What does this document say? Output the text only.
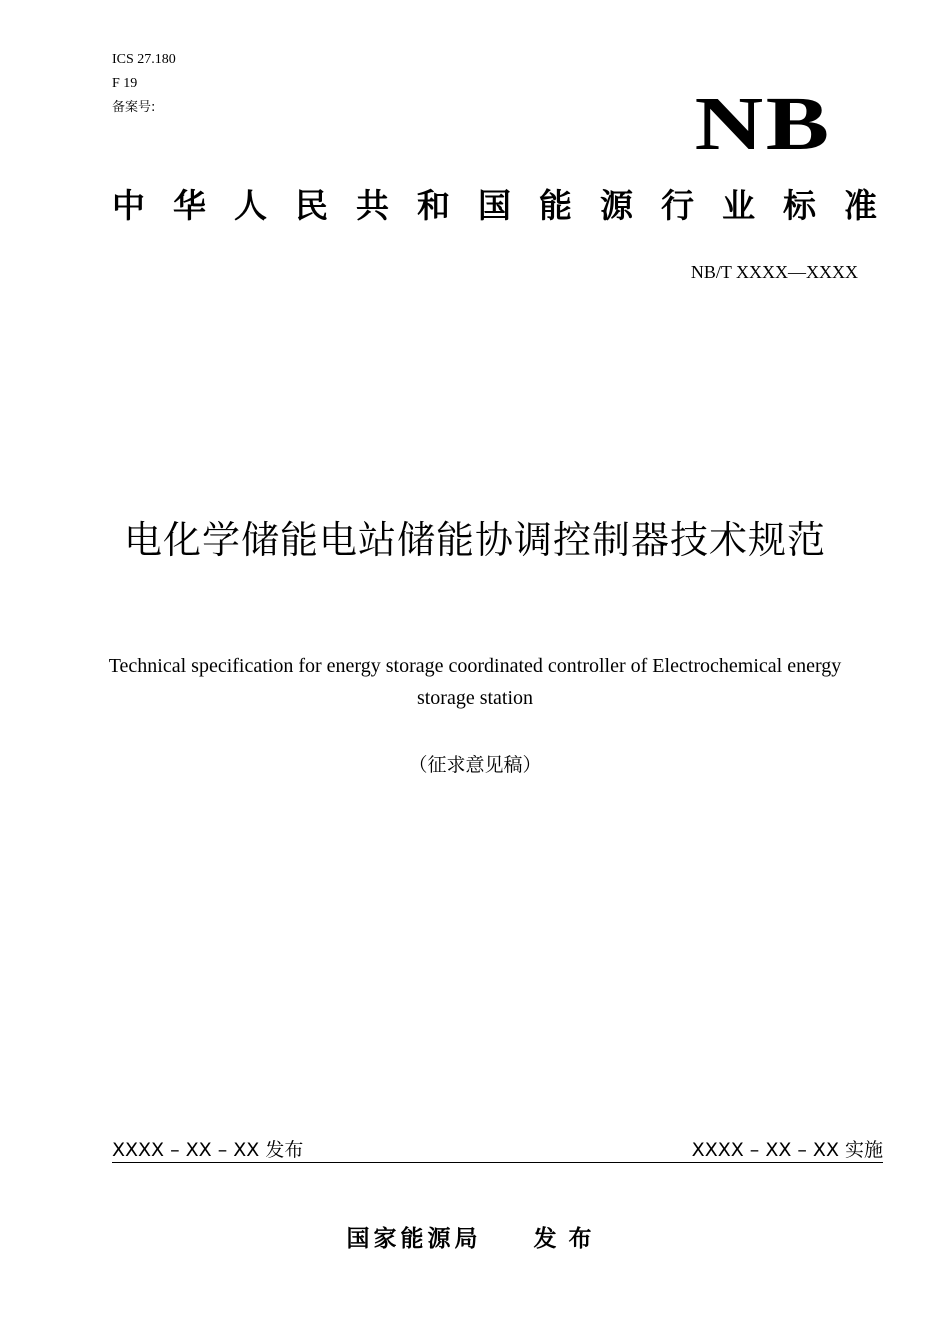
ICS 27.180
F 19
备案号:	NB
中华人民共和国能源行业标准
NB/T XXXX—XXXX
电化学储能电站储能协调控制器技术规范
Technical specification for energy storage coordinated controller of Electrochemical energy storage station
（征求意见稿）
XXXX – XX – XX 发布	XXXX – XX – XX 实施
国家能源局 发布
